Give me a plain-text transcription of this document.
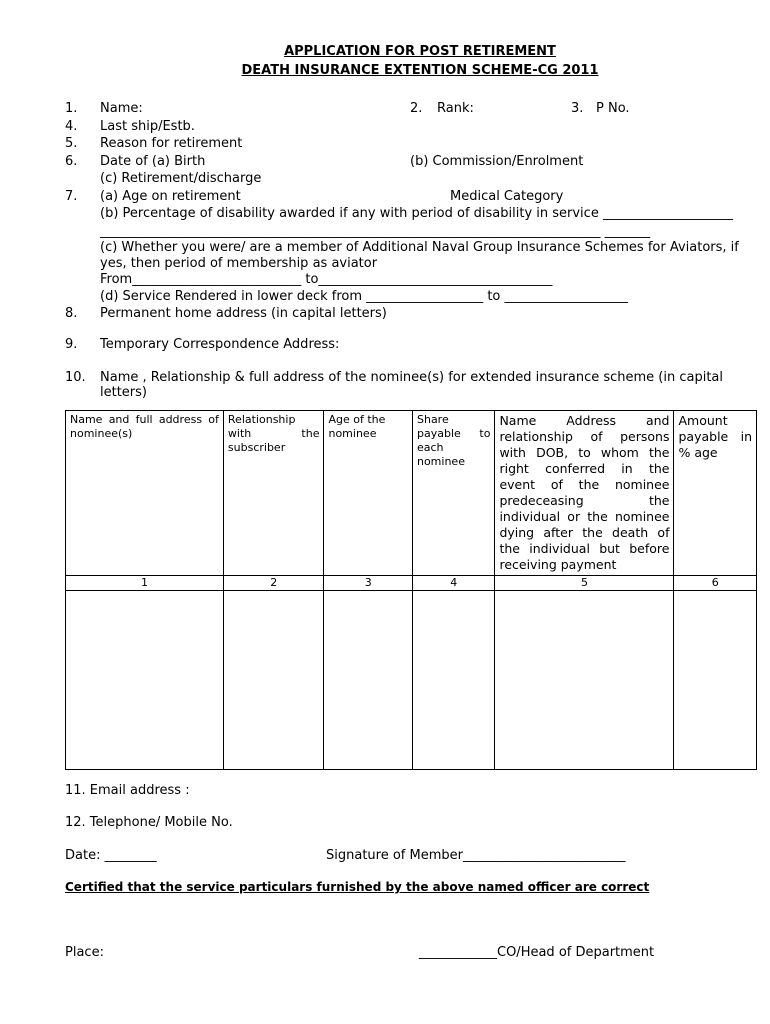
APPLICATION FOR POST RETIREMENT
DEATH INSURANCE EXTENTION SCHEME-CG 2011
1.	Name:	2. Rank:	3. P No.
4.	Last ship/Estb.
5.	Reason for retirement
6.	Date of (a) Birth	(b) Commission/Enrolment
(c) Retirement/discharge
7.	(a) Age on retirement	Medical Category
(b) Percentage of disability awarded if any with period of disability in service ____________________
_____________________________________________________________________________ _______
(c) Whether you were/ are a member of Additional Naval Group Insurance Schemes for Aviators, if
yes, then period of membership as aviator
From__________________________ to____________________________________
(d) Service Rendered in lower deck from __________________ to ___________________
8.	Permanent home address (in capital letters)
9.	Temporary Correspondence Address:
10.	Name , Relationship & full address of the nominee(s) for extended insurance scheme (in capital
letters)
Name and full address of nominee(s)	Relationship with the subscriber	Age of the nominee	Share payable to each nominee	Name Address and relationship of persons with DOB, to whom the right conferred in the event of the nominee predeceasing the individual or the nominee dying after the death of the individual but before receiving payment	Amount payable in % age
1	2	3	4	5	6

11. Email address :
12. Telephone/ Mobile No.
Date: ________	Signature of Member_________________________
Certified that the service particulars furnished by the above named officer are correct
Place:	____________CO/Head of Department
